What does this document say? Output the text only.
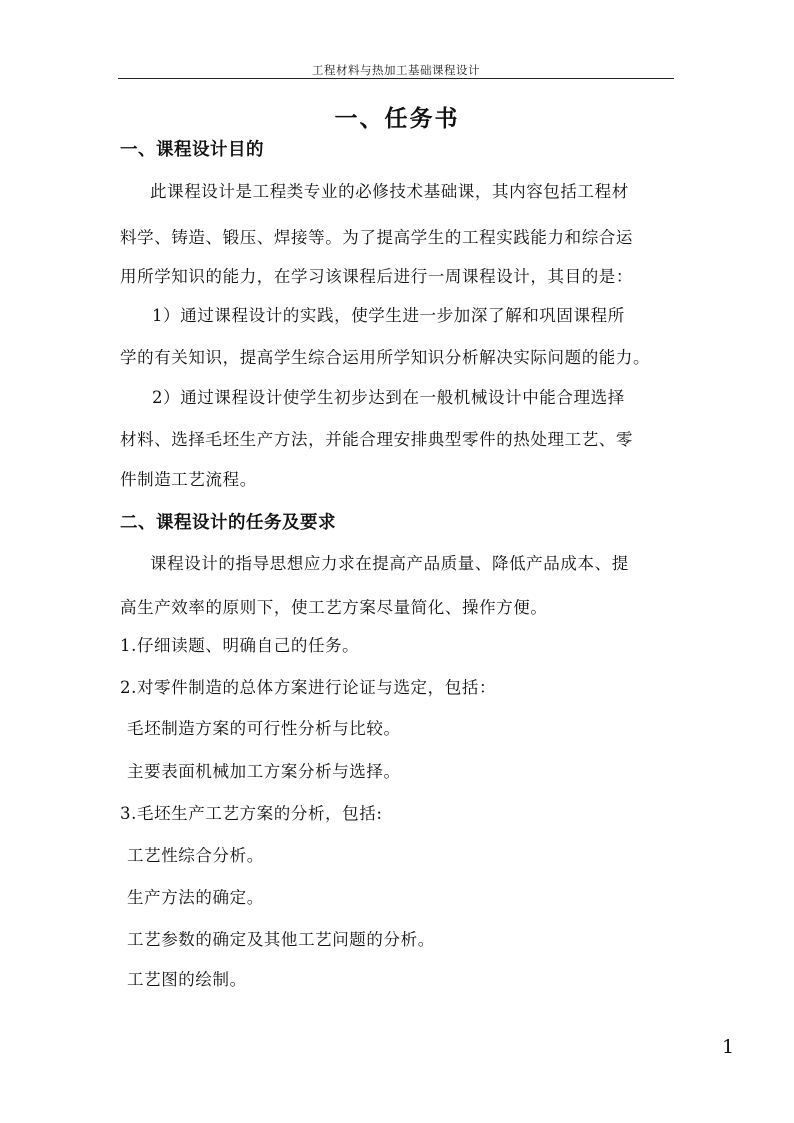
工程材料与热加工基础课程设计
一、任务书
一、课程设计目的
此课程设计是工程类专业的必修技术基础课，其内容包括工程材
料学、铸造、锻压、焊接等。为了提高学生的工程实践能力和综合运
用所学知识的能力，在学习该课程后进行一周课程设计，其目的是：
1）通过课程设计的实践，使学生进一步加深了解和巩固课程所
学的有关知识，提高学生综合运用所学知识分析解决实际问题的能力。
2）通过课程设计使学生初步达到在一般机械设计中能合理选择
材料、选择毛坯生产方法，并能合理安排典型零件的热处理工艺、零
件制造工艺流程。
二、课程设计的任务及要求
课程设计的指导思想应力求在提高产品质量、降低产品成本、提
高生产效率的原则下，使工艺方案尽量简化、操作方便。
1.仔细读题、明确自己的任务。
2.对零件制造的总体方案进行论证与选定，包括：
毛坯制造方案的可行性分析与比较。
主要表面机械加工方案分析与选择。
3.毛坯生产工艺方案的分析，包括:
工艺性综合分析。
生产方法的确定。
工艺参数的确定及其他工艺问题的分析。
工艺图的绘制。
1
